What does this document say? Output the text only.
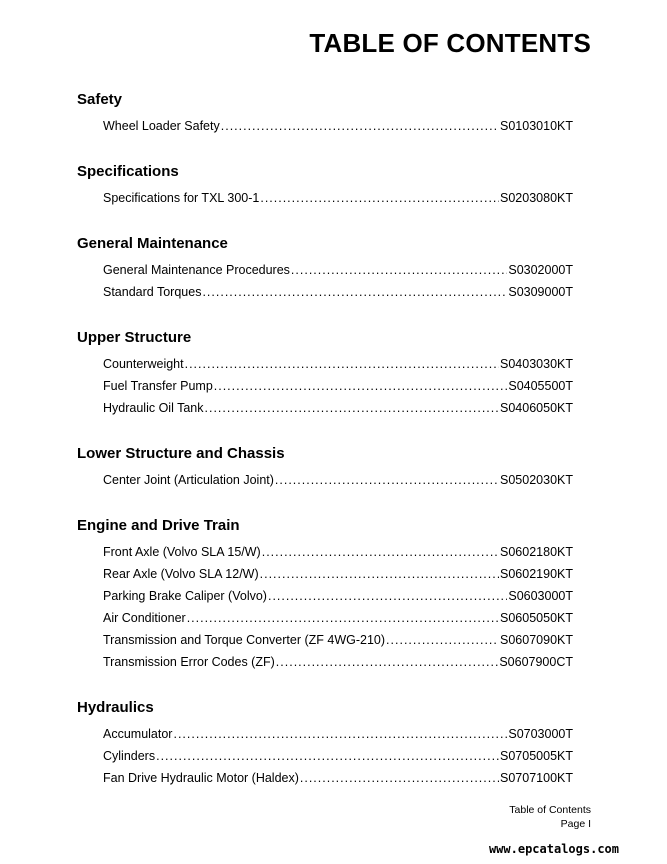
TABLE OF CONTENTS
Safety
Wheel Loader Safety .....	S0103010KT
Specifications
Specifications for TXL 300-1 .....	S0203080KT
General Maintenance
General Maintenance Procedures .....	S0302000T
Standard Torques .....	S0309000T
Upper Structure
Counterweight .....	S0403030KT
Fuel Transfer Pump .....	S0405500T
Hydraulic Oil Tank .....	S0406050KT
Lower Structure and Chassis
Center Joint (Articulation Joint) .....	S0502030KT
Engine and Drive Train
Front Axle (Volvo SLA 15/W) .....	S0602180KT
Rear Axle (Volvo SLA 12/W) .....	S0602190KT
Parking Brake Caliper (Volvo) .....	S0603000T
Air Conditioner .....	S0605050KT
Transmission and Torque Converter (ZF 4WG-210) .....	S0607090KT
Transmission Error Codes (ZF) .....	S0607900CT
Hydraulics
Accumulator .....	S0703000T
Cylinders .....	S0705005KT
Fan Drive Hydraulic Motor (Haldex) .....	S0707100KT
Table of Contents
Page I
www.epcatalogs.com
